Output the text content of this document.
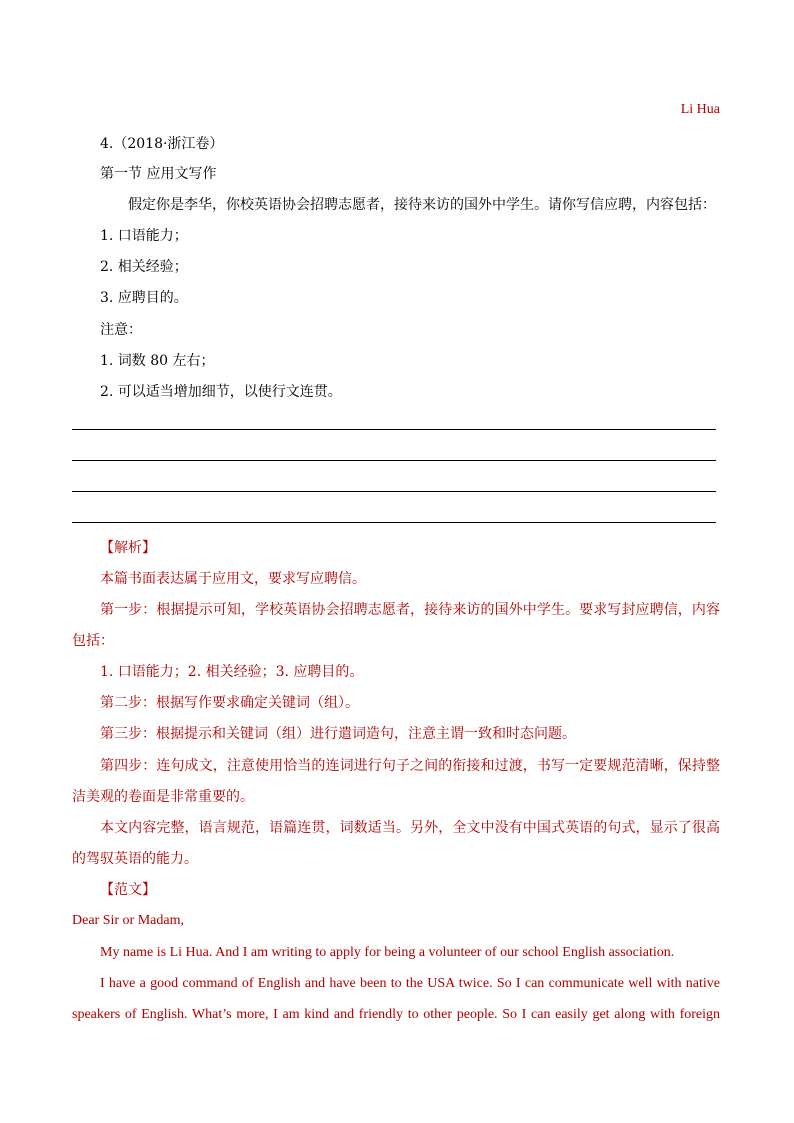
Li Hua
4.（2018·浙江卷）
第一节 应用文写作
假定你是李华，你校英语协会招聘志愿者，接待来访的国外中学生。请你写信应聘，内容包括：
1. 口语能力；
2. 相关经验；
3. 应聘目的。
注意：
1. 词数 80 左右；
2. 可以适当增加细节，以使行文连贯。
【解析】
本篇书面表达属于应用文，要求写应聘信。
第一步：根据提示可知，学校英语协会招聘志愿者，接待来访的国外中学生。要求写封应聘信，内容
包括：
1. 口语能力；2. 相关经验；3. 应聘目的。
第二步：根据写作要求确定关键词（组）。
第三步：根据提示和关键词（组）进行遣词造句，注意主谓一致和时态问题。
第四步：连句成文，注意使用恰当的连词进行句子之间的衔接和过渡，书写一定要规范清晰，保持整
洁美观的卷面是非常重要的。
本文内容完整，语言规范，语篇连贯，词数适当。另外，全文中没有中国式英语的句式，显示了很高
的驾驭英语的能力。
【范文】
Dear Sir or Madam,
My name is Li Hua. And I am writing to apply for being a volunteer of our school English association.
I have a good command of English and have been to the USA twice. So I can communicate well with native
speakers of English. What’s more, I am kind and friendly to other people. So I can easily get along with foreign
